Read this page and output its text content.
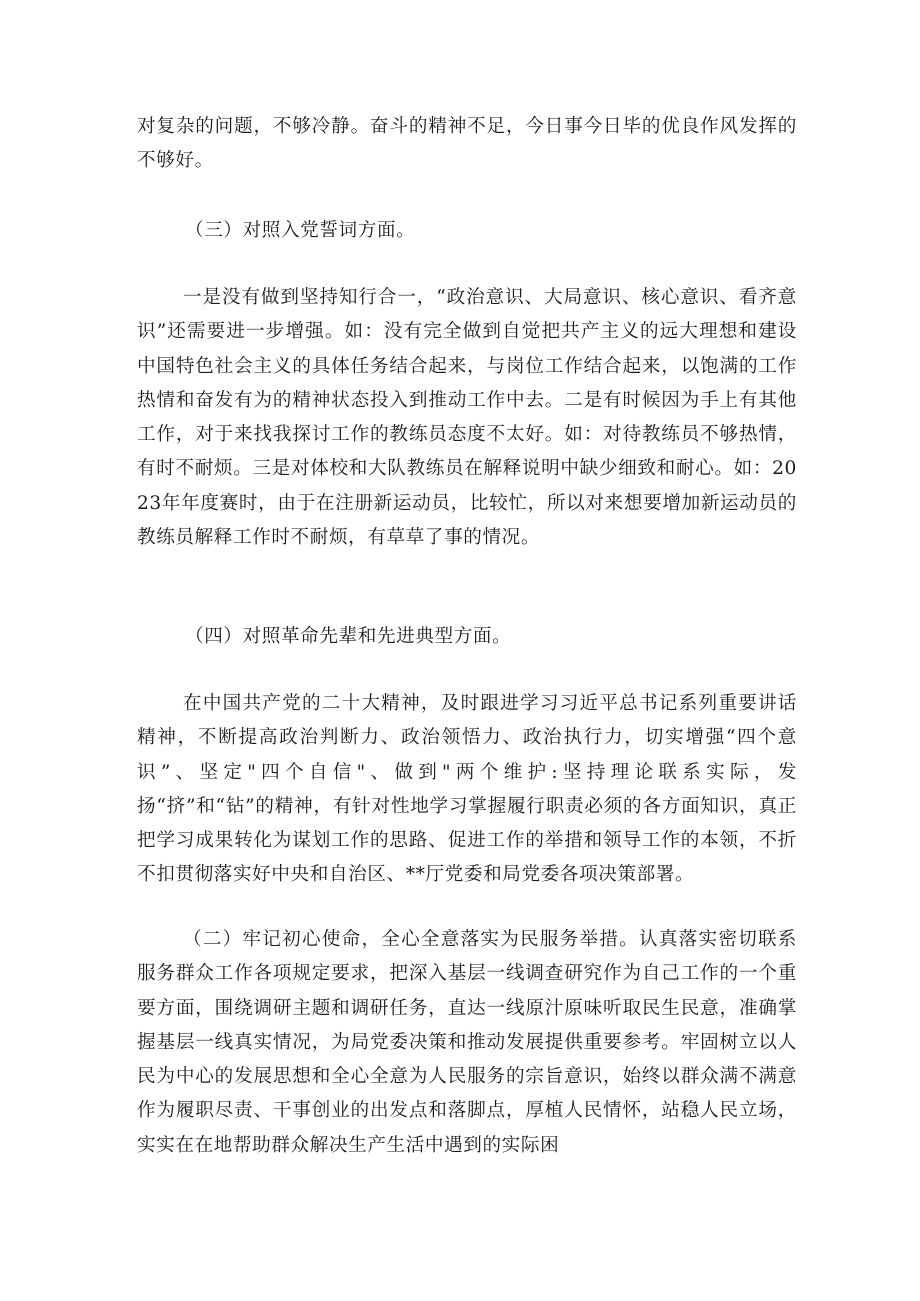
对复杂的问题，不够冷静。奋斗的精神不足，今日事今日毕的优良作风发挥的不够好。

（三）对照入党誓词方面。

一是没有做到坚持知行合一，“政治意识、大局意识、核心意识、看齐意识”还需要进一步增强。如：没有完全做到自觉把共产主义的远大理想和建设中国特色社会主义的具体任务结合起来，与岗位工作结合起来，以饱满的工作热情和奋发有为的精神状态投入到推动工作中去。二是有时候因为手上有其他工作，对于来找我探讨工作的教练员态度不太好。如：对待教练员不够热情，有时不耐烦。三是对体校和大队教练员在解释说明中缺少细致和耐心。如：2023年年度赛时，由于在注册新运动员，比较忙，所以对来想要增加新运动员的教练员解释工作时不耐烦，有草草了事的情况。

（四）对照革命先辈和先进典型方面。

在中国共产党的二十大精神，及时跟进学习习近平总书记系列重要讲话精神，不断提高政治判断力、政治领悟力、政治执行力，切实增强“四个意识”、坚定"四个自信"、做到"两个维护:坚持理论联系实际，发扬“挤”和“钻”的精神，有针对性地学习掌握履行职责必须的各方面知识，真正把学习成果转化为谋划工作的思路、促进工作的举措和领导工作的本领，不折不扣贯彻落实好中央和自治区、**厅党委和局党委各项决策部署。

（二）牢记初心使命，全心全意落实为民服务举措。认真落实密切联系服务群众工作各项规定要求，把深入基层一线调查研究作为自己工作的一个重要方面，围绕调研主题和调研任务，直达一线原汁原味听取民生民意，准确掌握基层一线真实情况，为局党委决策和推动发展提供重要参考。牢固树立以人民为中心的发展思想和全心全意为人民服务的宗旨意识，始终以群众满不满意作为履职尽责、干事创业的出发点和落脚点，厚植人民情怀，站稳人民立场，实实在在地帮助群众解决生产生活中遇到的实际困
